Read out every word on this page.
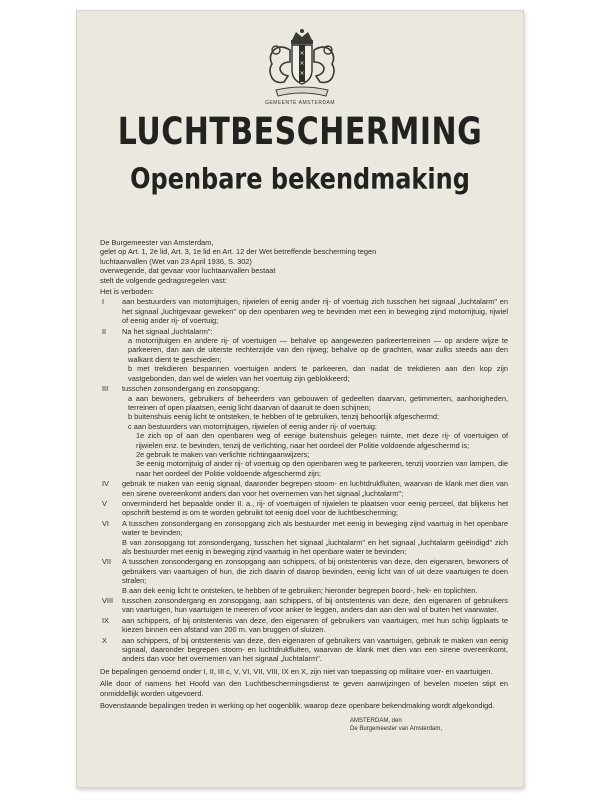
×
×
×
GEMEENTE AMSTERDAM
LUCHTBESCHERMING
Openbare bekendmaking
De Burgemeester van Amsterdam,
gelet op Art. 1, 2e lid, Art. 3, 1e lid en Art. 12 der Wet betreffende bescherming tegen
luchtaanvallen (Wet van 23 April 1936, S. 302)
overwegende, dat gevaar voor luchtaanvallen bestaat
stelt de volgende gedragsregelen vast:
Het is verboden:
I	aan bestuurders van motorrijtuigen, rijwielen of eenig ander rij- of voertuig zich tusschen het signaal „luchtalarm" en het signaal „luchtgevaar geweken" op den openbaren weg te bevinden met een in beweging zijnd motorrijtuig, rijwiel of eenig ander rij- of voertuig;
II	Na het signaal „luchtalarm":
a motorrijtuigen en andere rij- of voertuigen — behalve op aangewezen parkeerterreinen — op andere wijze te parkeeren, dan aan de uiterste rechterzijde van den rijweg; behalve op de grachten, waar zulks steeds aan den walkant dient te geschieden;
b met trekdieren bespannen voertuigen anders te parkeeren, dan nadat de trekdieren aan den kop zijn vastgebonden, dan wel de wielen van het voertuig zijn geblokkeerd;
III	tusschen zonsondergang en zonsopgang:
a aan bewoners, gebruikers of beheerders van gebouwen of gedeelten daarvan, getimmerten, aanhorigheden, terreinen of open plaatsen, eenig licht daarvan of daaruit te doen schijnen;
b buitenshuis eenig licht te ontsteken, te hebben of te gebruiken, tenzij behoorlijk afgeschermd;
c aan bestuurders van motorrijtuigen, rijwielen of eenig ander rij- of voertuig:
1e zich op of aan den openbaren weg of eenige buitenshuis gelegen ruimte, met deze rij- of voertuigen of rijwielen enz. te bevinden, tenzij de verlichting, naar het oordeel der Politie voldoende afgeschermd is;
2e gebruik te maken van verlichte richtingaanwijzers;
3e eenig motorrijtuig of ander rij- of voertuig op den openbaren weg te parkeeren, tenzij voorzien van lampen, die naar het oordeel der Politie voldoende afgeschermd zijn;
IV	gebruik te maken van eenig signaal, daaronder begrepen stoom- en luchtdrukfluiten, waarvan de klank met dien van een sirene overeenkomt anders dan voor het overnemen van het signaal „luchtalarm";
V	onverminderd het bepaalde onder II. a., rij- of voertuigen of rijwielen te plaatsen voor eenig perceel, dat blijkens het opschrift bestemd is om te worden gebruikt tot eenig doel voor de luchtbescherming;
VI	A tusschen zonsondergang en zonsopgang zich als bestuurder met eenig in beweging zijnd vaartuig in het openbare water te bevinden;
B van zonsopgang tot zonsondergang, tusschen het signaal „luchtalarm" en het signaal „luchtalarm geëindigd" zich als bestuurder met eenig in beweging zijnd vaartuig in het openbare water te bevinden;
VII	A tusschen zonsondergang en zonsopgang aan schippers, of bij ontstentenis van deze, den eigenaren, bewoners of gebruikers van vaartuigen of hun, die zich daarin of daarop bevinden, eenig licht van of uit deze vaartuigen te doen stralen;
B aan dek eenig licht te ontsteken, te hebben of te gebruiken; hieronder begrepen boord-, hek- en toplichten.
VIII	tusschen zonsondergang en zonsopgang, aan schippers, of bij ontstentenis van deze, den eigenaren of gebruikers van vaartuigen, hun vaartuigen te meeren of voor anker te leggen, anders dan aan den wal of buiten het vaarwater.
IX	aan schippers, of bij ontstentenis van deze, den eigenaren of gebruikers van vaartuigen, met hun schip ligplaats te kiezen binnen een afstand van 200 m. van bruggen of sluizen.
X	aan schippers, of bij ontstentenis van deze, den eigenaren of gebruikers van vaartuigen, gebruik te maken van eenig signaal, daaronder begrepen stoom- en luchtdrukfluiten, waarvan de klank met dien van een sirene overeenkomt, anders dan voor het overnemen van het signaal „luchtalarm".
De bepalingen genoemd onder I, II, III c, V, VI, VII, VIII, IX en X, zijn niet van toepassing op militaire voer- en vaartuigen.
Alle door of namens het Hoofd van den Luchtbeschermingsdienst te geven aanwijzingen of bevelen moeten stipt en onmiddellijk worden uitgevoerd.
Bovenstaande bepalingen treden in werking op het oogenblik, waarop deze openbare bekendmaking wordt afgekondigd.
AMSTERDAM, den
De Burgemeester van Amsterdam,
